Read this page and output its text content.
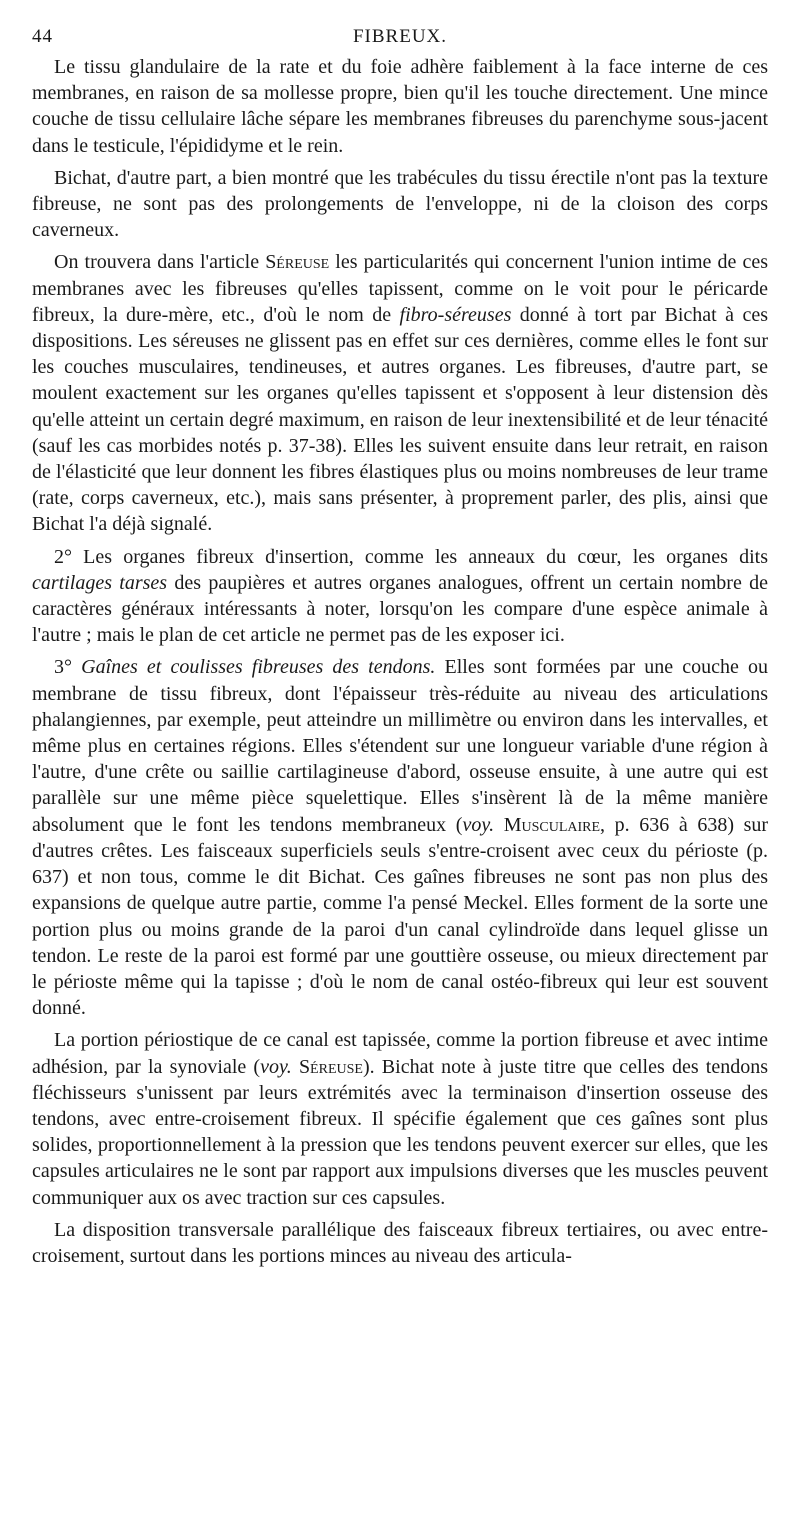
44	FIBREUX.

Le tissu glandulaire de la rate et du foie adhère faiblement à la face interne de ces membranes, en raison de sa mollesse propre, bien qu'il les touche directement. Une mince couche de tissu cellulaire lâche sépare les membranes fibreuses du parenchyme sous-jacent dans le testicule, l'épididyme et le rein.

Bichat, d'autre part, a bien montré que les trabécules du tissu érectile n'ont pas la texture fibreuse, ne sont pas des prolongements de l'enveloppe, ni de la cloison des corps caverneux.

On trouvera dans l'article Séreuse les particularités qui concernent l'union intime de ces membranes avec les fibreuses qu'elles tapissent, comme on le voit pour le péricarde fibreux, la dure-mère, etc., d'où le nom de fibro-séreuses donné à tort par Bichat à ces dispositions. Les séreuses ne glissent pas en effet sur ces dernières, comme elles le font sur les couches musculaires, tendineuses, et autres organes. Les fibreuses, d'autre part, se moulent exactement sur les organes qu'elles tapissent et s'opposent à leur distension dès qu'elle atteint un certain degré maximum, en raison de leur inextensibilité et de leur ténacité (sauf les cas morbides notés p. 37-38). Elles les suivent ensuite dans leur retrait, en raison de l'élasticité que leur donnent les fibres élastiques plus ou moins nombreuses de leur trame (rate, corps caverneux, etc.), mais sans présenter, à proprement parler, des plis, ainsi que Bichat l'a déjà signalé.

2° Les organes fibreux d'insertion, comme les anneaux du cœur, les organes dits cartilages tarses des paupières et autres organes analogues, offrent un certain nombre de caractères généraux intéressants à noter, lorsqu'on les compare d'une espèce animale à l'autre ; mais le plan de cet article ne permet pas de les exposer ici.

3° Gaînes et coulisses fibreuses des tendons. Elles sont formées par une couche ou membrane de tissu fibreux, dont l'épaisseur très-réduite au niveau des articulations phalangiennes, par exemple, peut atteindre un millimètre ou environ dans les intervalles, et même plus en certaines régions. Elles s'étendent sur une longueur variable d'une région à l'autre, d'une crête ou saillie cartilagineuse d'abord, osseuse ensuite, à une autre qui est parallèle sur une même pièce squelettique. Elles s'insèrent là de la même manière absolument que le font les tendons membraneux (voy. Musculaire, p. 636 à 638) sur d'autres crêtes. Les faisceaux superficiels seuls s'entre-croisent avec ceux du périoste (p. 637) et non tous, comme le dit Bichat. Ces gaînes fibreuses ne sont pas non plus des expansions de quelque autre partie, comme l'a pensé Meckel. Elles forment de la sorte une portion plus ou moins grande de la paroi d'un canal cylindroïde dans lequel glisse un tendon. Le reste de la paroi est formé par une gouttière osseuse, ou mieux directement par le périoste même qui la tapisse ; d'où le nom de canal ostéo-fibreux qui leur est souvent donné.

La portion périostique de ce canal est tapissée, comme la portion fibreuse et avec intime adhésion, par la synoviale (voy. Séreuse). Bichat note à juste titre que celles des tendons fléchisseurs s'unissent par leurs extrémités avec la terminaison d'insertion osseuse des tendons, avec entre-croisement fibreux. Il spécifie également que ces gaînes sont plus solides, proportionnellement à la pression que les tendons peuvent exercer sur elles, que les capsules articulaires ne le sont par rapport aux impulsions diverses que les muscles peuvent communiquer aux os avec traction sur ces capsules.

La disposition transversale parallélique des faisceaux fibreux tertiaires, ou avec entre-croisement, surtout dans les portions minces au niveau des articula-
